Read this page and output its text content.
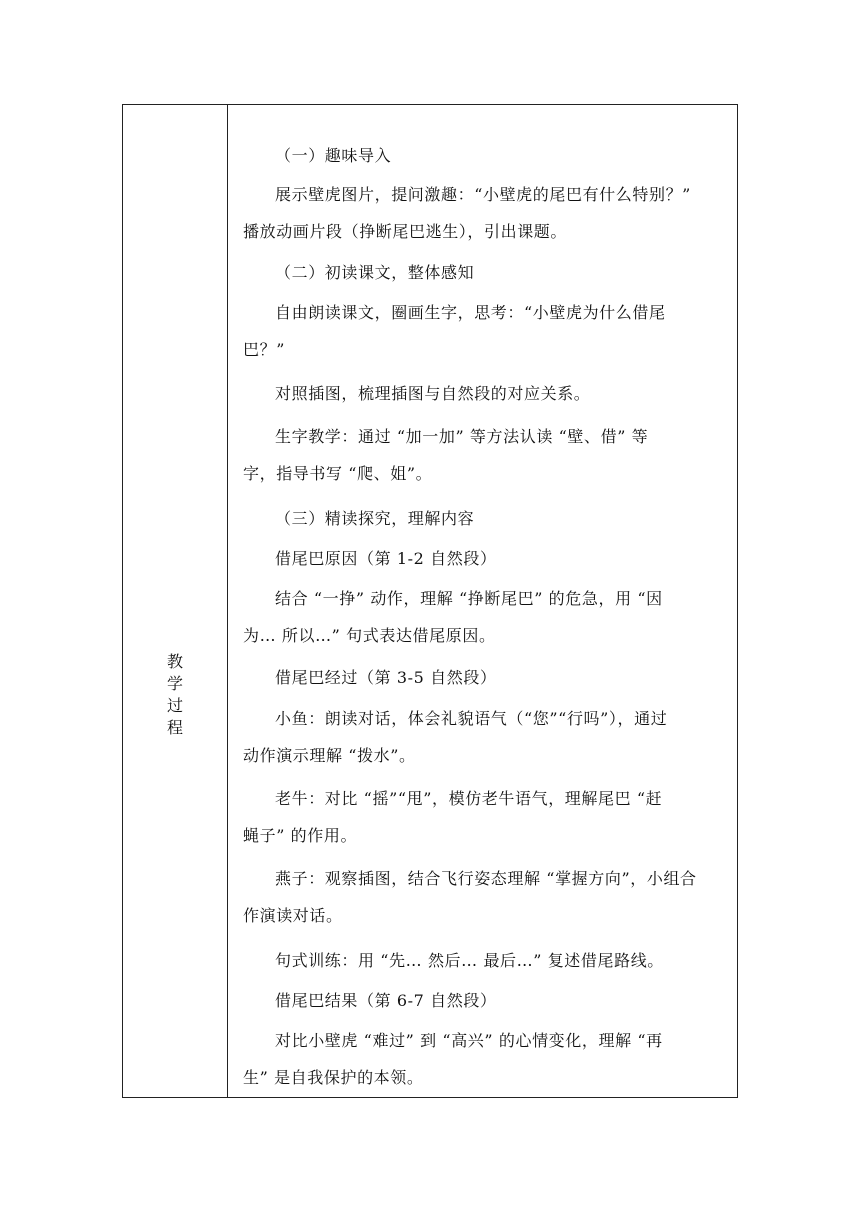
教
学
过
程
（一）趣味导入
展示壁虎图片，提问激趣：“小壁虎的尾巴有什么特别？”
播放动画片段（挣断尾巴逃生），引出课题。
（二）初读课文，整体感知
自由朗读课文，圈画生字，思考：“小壁虎为什么借尾
巴？”
对照插图，梳理插图与自然段的对应关系。
生字教学：通过 “加一加” 等方法认读 “壁、借” 等
字，指导书写 “爬、姐”。
（三）精读探究，理解内容
借尾巴原因（第 1-2 自然段）
结合 “一挣” 动作，理解 “挣断尾巴” 的危急，用 “因
为… 所以…” 句式表达借尾原因。
借尾巴经过（第 3-5 自然段）
小鱼：朗读对话，体会礼貌语气（“您”“行吗”），通过
动作演示理解 “拨水”。
老牛：对比 “摇”“甩”，模仿老牛语气，理解尾巴 “赶
蝇子” 的作用。
燕子：观察插图，结合飞行姿态理解 “掌握方向”，小组合
作演读对话。
句式训练：用 “先… 然后… 最后…” 复述借尾路线。
借尾巴结果（第 6-7 自然段）
对比小壁虎 “难过” 到 “高兴” 的心情变化，理解 “再
生” 是自我保护的本领。
